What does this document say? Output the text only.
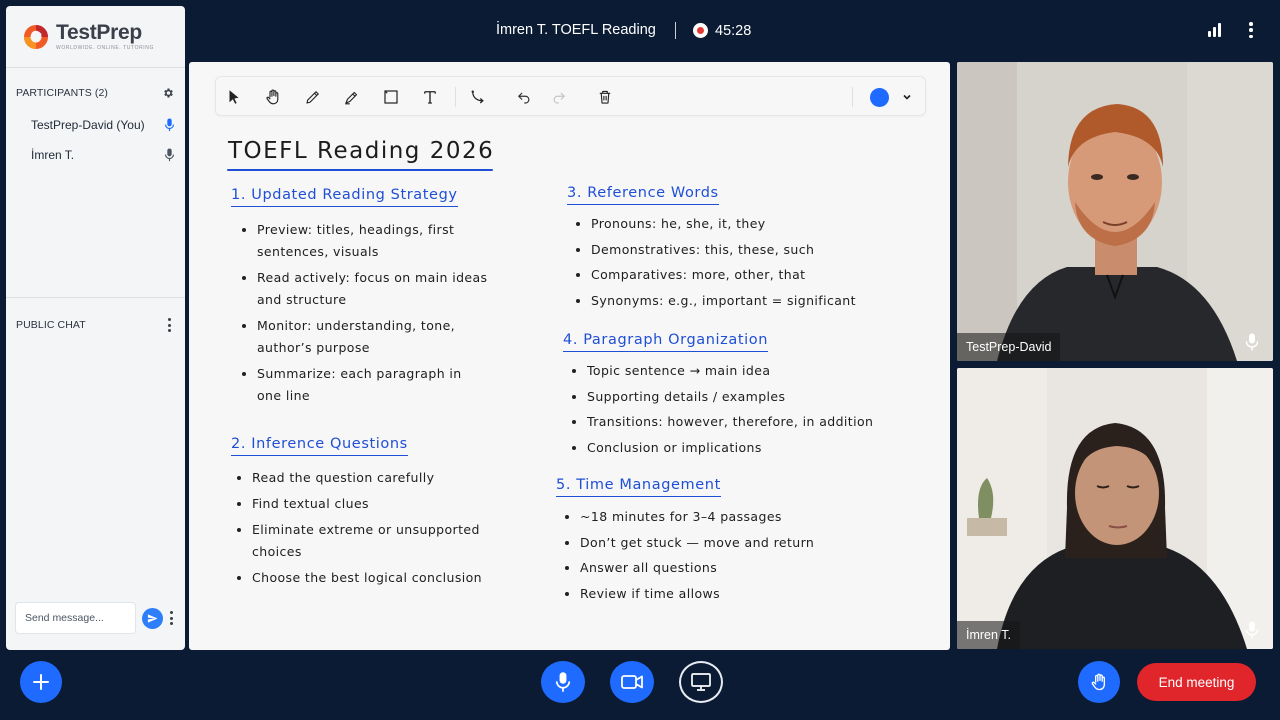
TestPrep
WORLDWIDE. ONLINE. TUTORING
PARTICIPANTS (2)
TestPrep-David (You)
İmren T.
PUBLIC CHAT
Send message...
İmren T. TOEFL Reading	45:28
TOEFL Reading 2026
1. Updated Reading Strategy
Preview: titles, headings, first
sentences, visuals
Read actively: focus on main ideas
and structure
Monitor: understanding, tone,
author’s purpose
Summarize: each paragraph in
one line
2. Inference Questions
Read the question carefully
Find textual clues
Eliminate extreme or unsupported
choices
Choose the best logical conclusion
3. Reference Words
Pronouns: he, she, it, they
Demonstratives: this, these, such
Comparatives: more, other, that
Synonyms: e.g., important = significant
4. Paragraph Organization
Topic sentence → main idea
Supporting details / examples
Transitions: however, therefore, in addition
Conclusion or implications
5. Time Management
~18 minutes for 3–4 passages
Don’t get stuck — move and return
Answer all questions
Review if time allows
TestPrep-David
İmren T.
End meeting
